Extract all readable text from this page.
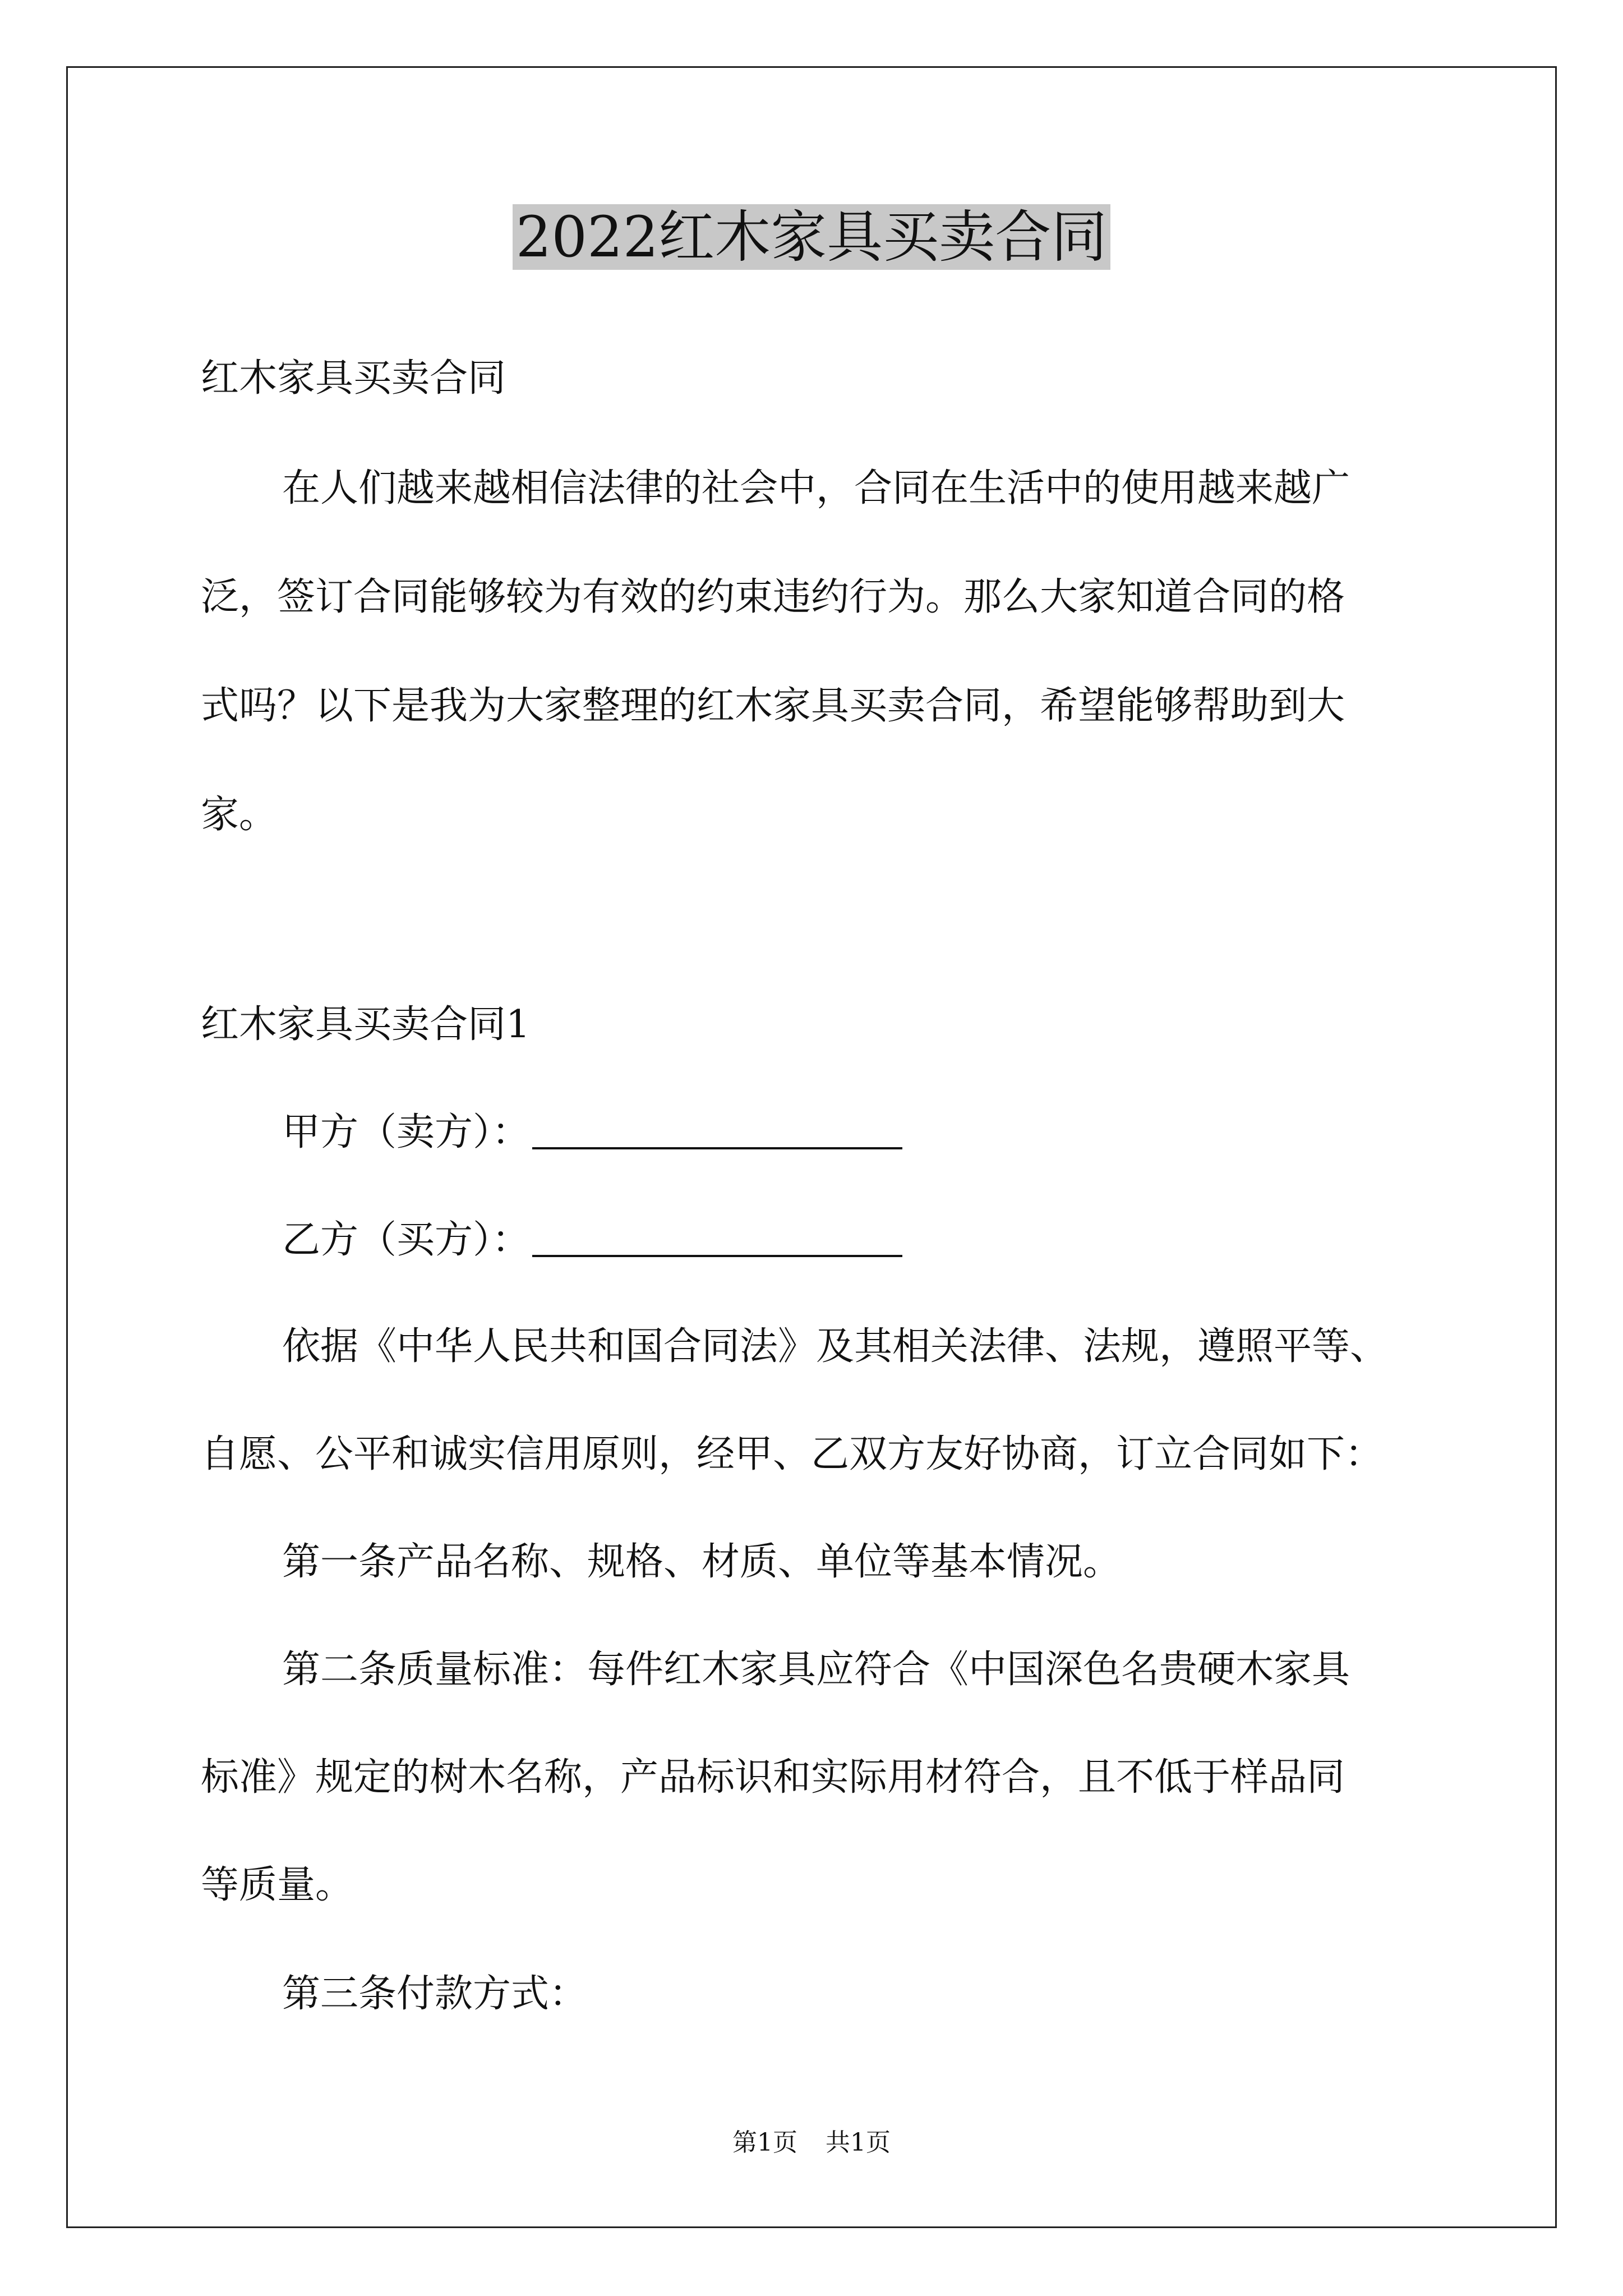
2022红木家具买卖合同
红木家具买卖合同
在人们越来越相信法律的社会中，合同在生活中的使用越来越广
泛，签订合同能够较为有效的约束违约行为。那么大家知道合同的格
式吗？以下是我为大家整理的红木家具买卖合同，希望能够帮助到大
家。
红木家具买卖合同1
甲方（卖方）：
乙方（买方）：
依据《中华人民共和国合同法》及其相关法律、法规，遵照平等、
自愿、公平和诚实信用原则，经甲、乙双方友好协商，订立合同如下：
第一条产品名称、规格、材质、单位等基本情况。
第二条质量标准：每件红木家具应符合《中国深色名贵硬木家具
标准》规定的树木名称，产品标识和实际用材符合，且不低于样品同
等质量。
第三条付款方式：
第1页 共1页
